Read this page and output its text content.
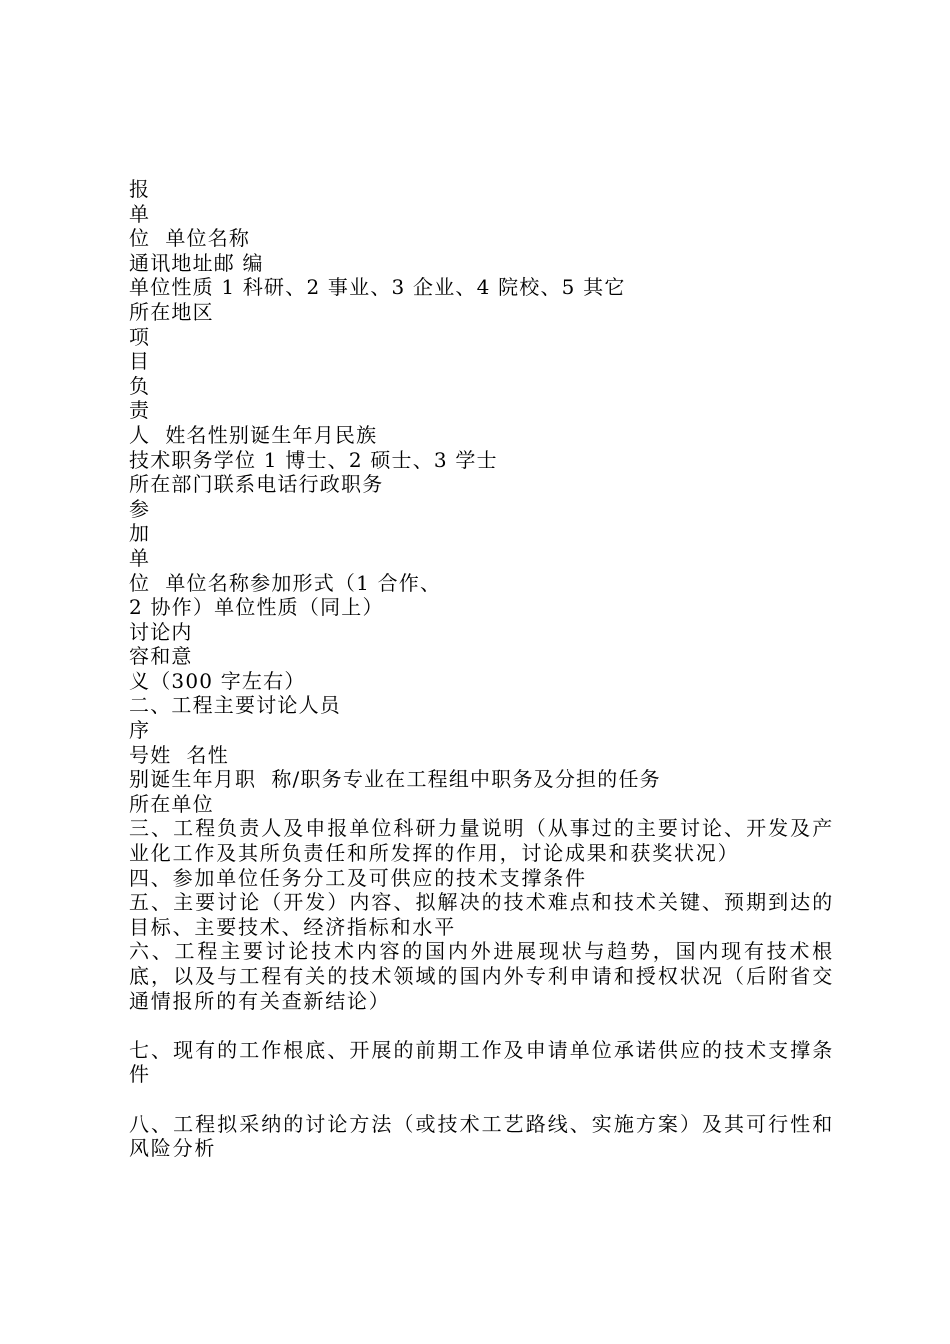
报
单
位  单位名称
通讯地址邮 编
单位性质 1 科研、2 事业、3 企业、4 院校、5 其它
所在地区
项
目
负
责
人  姓名性别诞生年月民族
技术职务学位 1 博士、2 硕士、3 学士
所在部门联系电话行政职务
参
加
单
位  单位名称参加形式（1 合作、
2 协作）单位性质（同上）
讨论内
容和意
义（300 字左右）
二、工程主要讨论人员
序
号姓  名性
别诞生年月职  称/职务专业在工程组中职务及分担的任务
所在单位
三、工程负责人及申报单位科研力量说明（从事过的主要讨论、开发及产业化工作及其所负责任和所发挥的作用，讨论成果和获奖状况）
四、参加单位任务分工及可供应的技术支撑条件
五、主要讨论（开发）内容、拟解决的技术难点和技术关键、预期到达的目标、主要技术、经济指标和水平
六、工程主要讨论技术内容的国内外进展现状与趋势，国内现有技术根底，以及与工程有关的技术领域的国内外专利申请和授权状况（后附省交通情报所的有关查新结论）
七、现有的工作根底、开展的前期工作及申请单位承诺供应的技术支撑条件
八、工程拟采纳的讨论方法（或技术工艺路线、实施方案）及其可行性和风险分析
